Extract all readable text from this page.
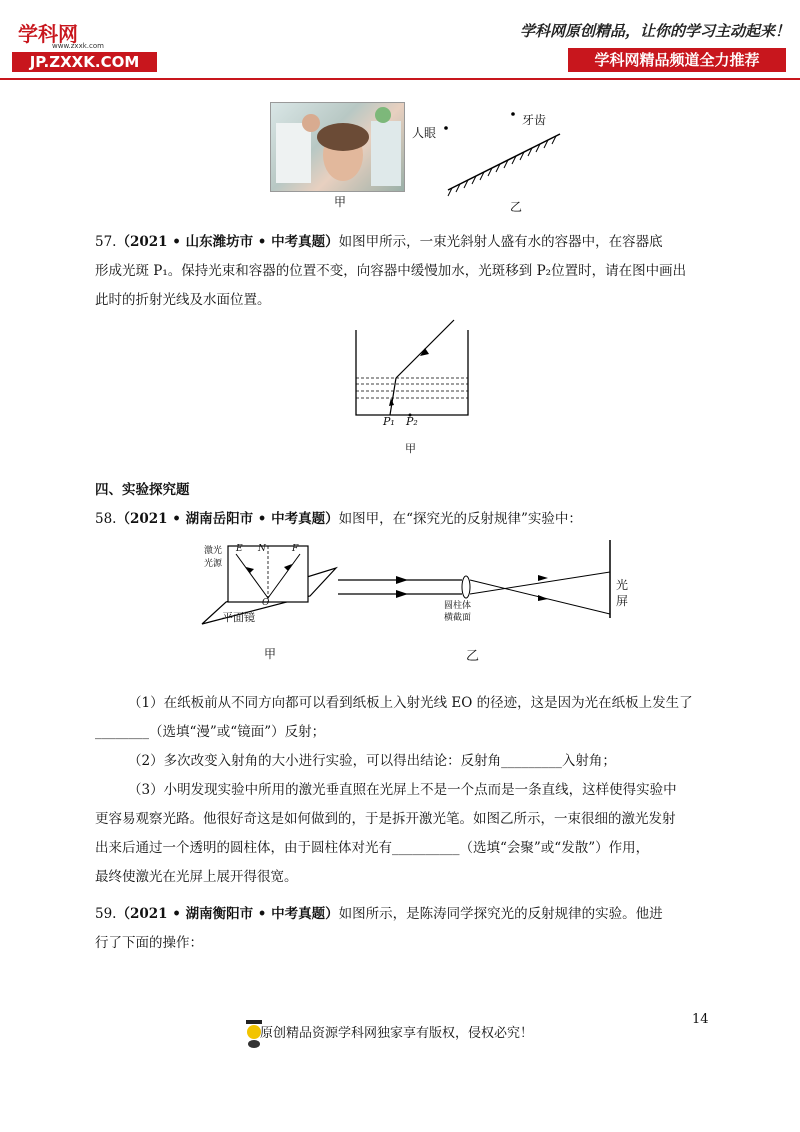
学科网
www.zxxk.com
JP.ZXXK.COM
学科网原创精品，让你的学习主动起来！
学科网精品频道全力推荐
甲	乙
人眼
牙齿
57.（2021 • 山东潍坊市 • 中考真题）如图甲所示，一束光斜射人盛有水的容器中，在容器底
形成光斑 P₁。保持光束和容器的位置不变，向容器中缓慢加水，光斑移到 P₂位置时，请在图中画出
此时的折射光线及水面位置。
P₁ P₂
甲
四、实验探究题
58.（2021 • 湖南岳阳市 • 中考真题）如图甲，在“探究光的反射规律”实验中：
激光
光源
E N	F
O
平面镜
甲
圆柱体
横截面
光
屏
乙
（1）在纸板前从不同方向都可以看到纸板上入射光线 EO 的径迹，这是因为光在纸板上发生了
________（选填“漫”或“镜面”）反射；
（2）多次改变入射角的大小进行实验，可以得出结论：反射角_________入射角；
（3）小明发现实验中所用的激光垂直照在光屏上不是一个点而是一条直线，这样使得实验中
更容易观察光路。他很好奇这是如何做到的，于是拆开激光笔。如图乙所示，一束很细的激光发射
出来后通过一个透明的圆柱体，由于圆柱体对光有__________（选填“会聚”或“发散”）作用，
最终使激光在光屏上展开得很宽。
59.（2021 • 湖南衡阳市 • 中考真题）如图所示，是陈涛同学探究光的反射规律的实验。他进
行了下面的操作：
14
原创精品资源学科网独家享有版权，侵权必究！
